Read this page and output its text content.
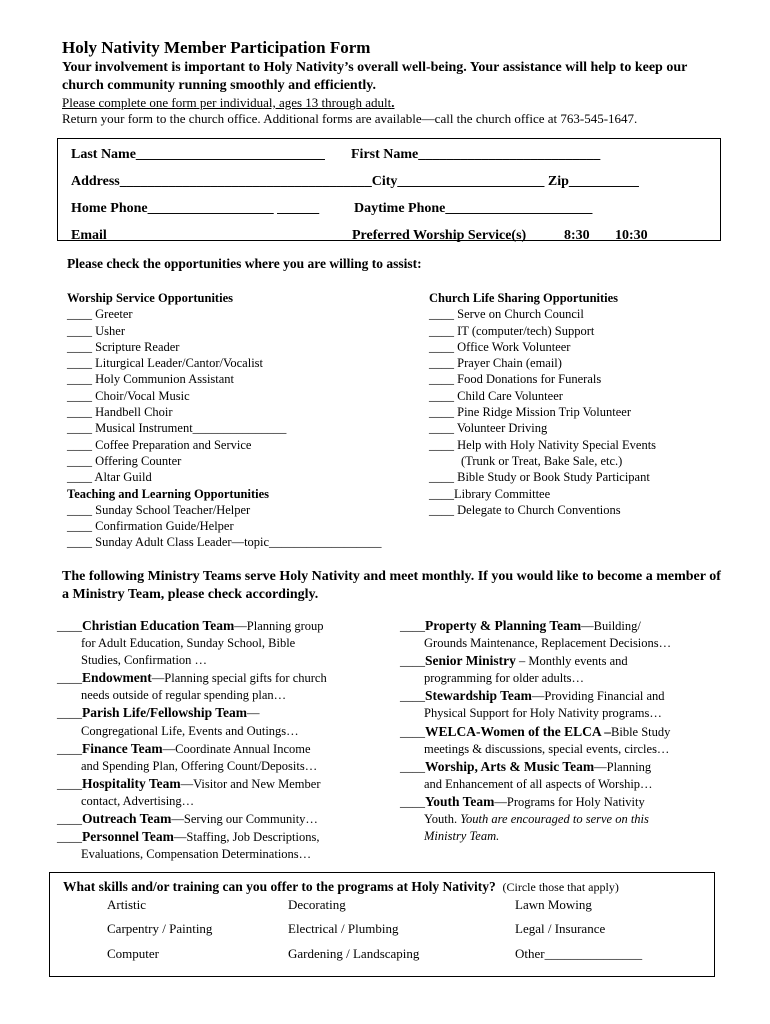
Holy Nativity Member Participation Form
Your involvement is important to Holy Nativity’s overall well-being. Your assistance will help to keep our church community running smoothly and efficiently.
Please complete one form per individual, ages 13 through adult.
Return your form to the church office. Additional forms are available—call the church office at 763-545-1647.
Last Name___________________________ First Name__________________________
Address____________________________________City_____________________ Zip__________
Home Phone__________________ ______ Daytime Phone_____________________
Email_____________________________	Preferred Worship Service(s)	8:30 10:30
Please check the opportunities where you are willing to assist:
Worship Service Opportunities
____ Greeter
____ Usher
____ Scripture Reader
____ Liturgical Leader/Cantor/Vocalist
____ Holy Communion Assistant
____ Choir/Vocal Music
____ Handbell Choir
____ Musical Instrument_______________
____ Coffee Preparation and Service
____ Offering Counter
____ Altar Guild
Teaching and Learning Opportunities
____ Sunday School Teacher/Helper
____ Confirmation Guide/Helper
____ Sunday Adult Class Leader—topic__________________
Church Life Sharing Opportunities
____ Serve on Church Council
____ IT (computer/tech) Support
____ Office Work Volunteer
____ Prayer Chain (email)
____ Food Donations for Funerals
____ Child Care Volunteer
____ Pine Ridge Mission Trip Volunteer
____ Volunteer Driving
____ Help with Holy Nativity Special Events
(Trunk or Treat, Bake Sale, etc.)
____ Bible Study or Book Study Participant
____Library Committee
____ Delegate to Church Conventions
The following Ministry Teams serve Holy Nativity and meet monthly. If you would like to become a member of a Ministry Team, please check accordingly.
____Christian Education Team—Planning group
for Adult Education, Sunday School, Bible
Studies, Confirmation …
____Endowment—Planning special gifts for church
needs outside of regular spending plan…
____Parish Life/Fellowship Team—
Congregational Life, Events and Outings…
____Finance Team—Coordinate Annual Income
and Spending Plan, Offering Count/Deposits…
____Hospitality Team—Visitor and New Member
contact, Advertising…
____Outreach Team—Serving our Community…
____Personnel Team—Staffing, Job Descriptions,
Evaluations, Compensation Determinations…
____Property & Planning Team—Building/
Grounds Maintenance, Replacement Decisions…
____Senior Ministry – Monthly events and
programming for older adults…
____Stewardship Team—Providing Financial and
Physical Support for Holy Nativity programs…
____WELCA-Women of the ELCA –Bible Study
meetings & discussions, special events, circles…
____Worship, Arts & Music Team—Planning
and Enhancement of all aspects of Worship…
____Youth Team—Programs for Holy Nativity
Youth. Youth are encouraged to serve on this
Ministry Team.
What skills and/or training can you offer to the programs at Holy Nativity? (Circle those that apply)
Artistic	Decorating	Lawn Mowing
Carpentry / Painting	Electrical / Plumbing	Legal / Insurance
Computer	Gardening / Landscaping	Other_______________
